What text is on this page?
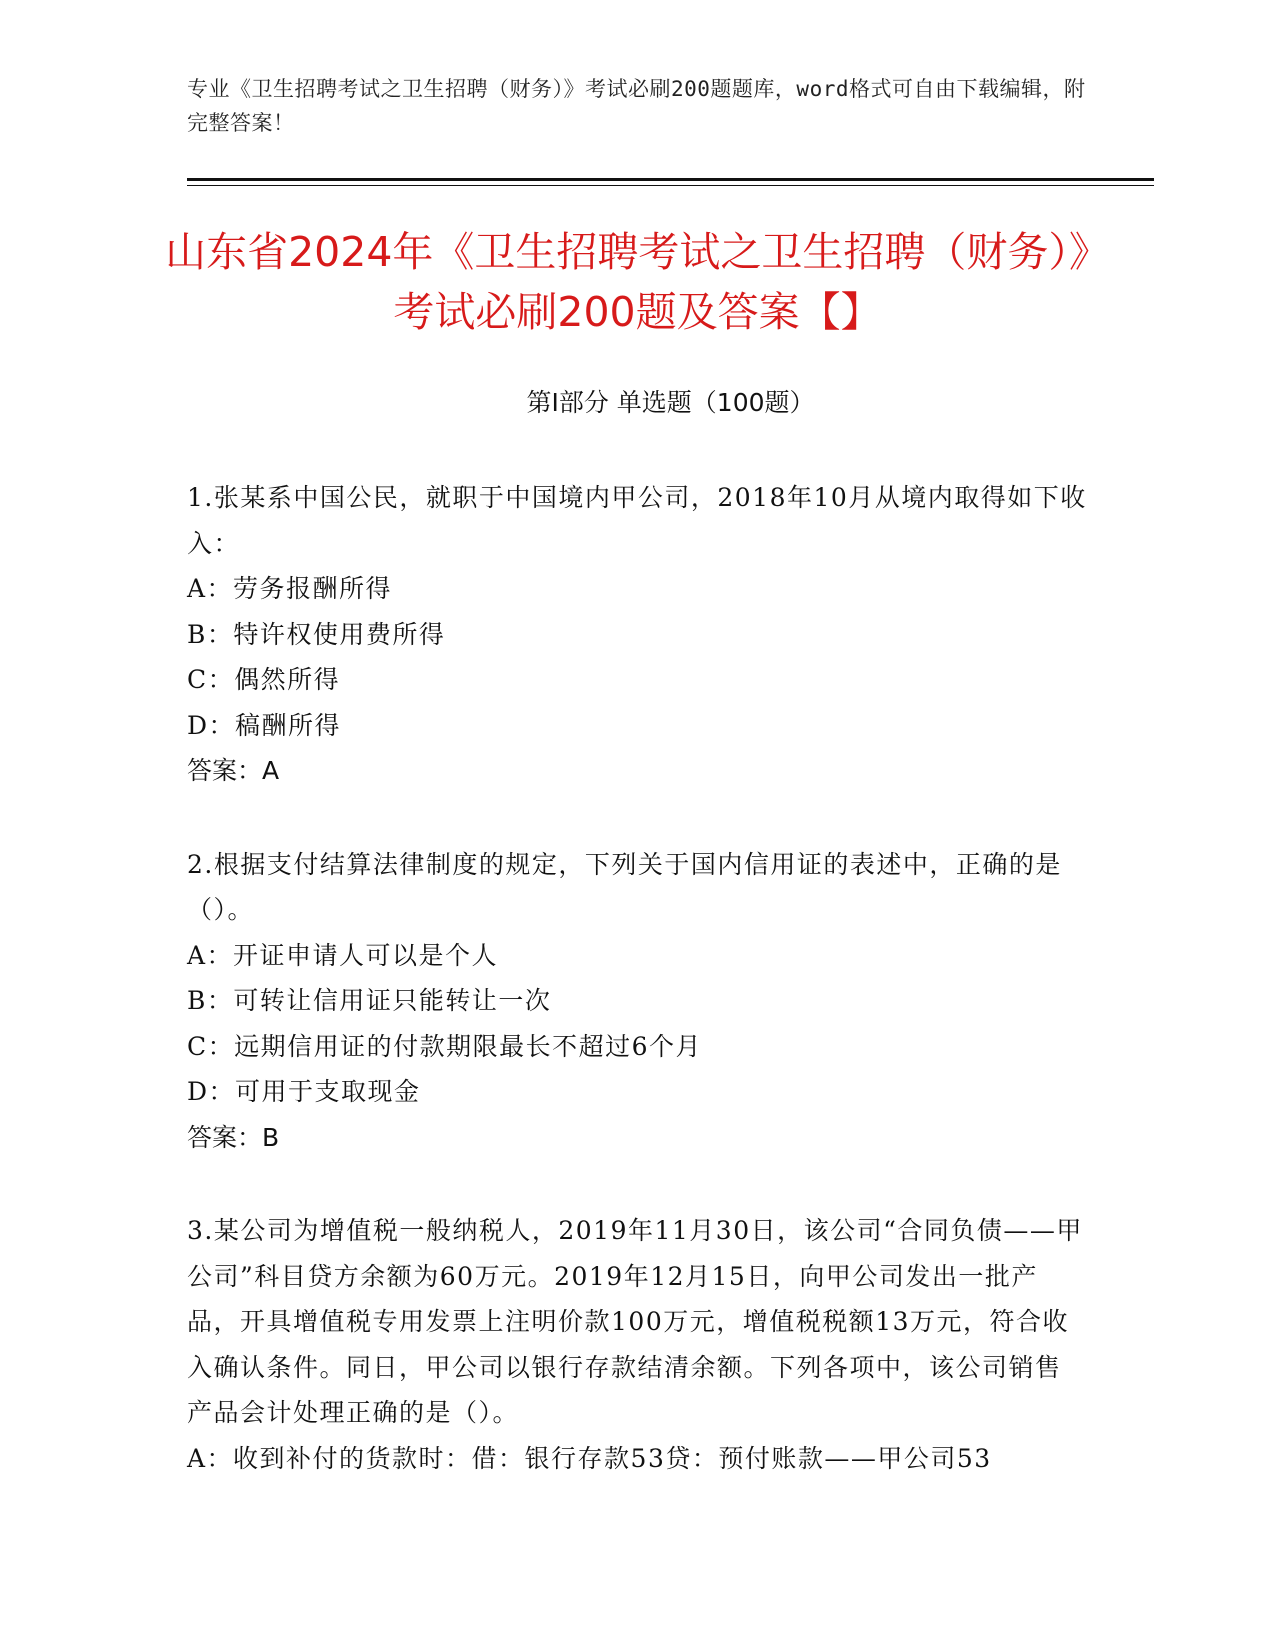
专业《卫生招聘考试之卫生招聘（财务）》考试必刷200题题库，word格式可自由下载编辑，附完整答案！
山东省2024年《卫生招聘考试之卫生招聘（财务）》考试必刷200题及答案【】
第Ⅰ部分 单选题（100题）

1.张某系中国公民，就职于中国境内甲公司，2018年10月从境内取得如下收入：

A：劳务报酬所得

B：特许权使用费所得

C：偶然所得

D：稿酬所得

答案：A

2.根据支付结算法律制度的规定，下列关于国内信用证的表述中，正确的是（）。

A：开证申请人可以是个人

B：可转让信用证只能转让一次

C：远期信用证的付款期限最长不超过6个月

D：可用于支取现金

答案：B

3.某公司为增值税一般纳税人，2019年11月30日，该公司“合同负债——甲公司”科目贷方余额为60万元。2019年12月15日，向甲公司发出一批产品，开具增值税专用发票上注明价款100万元，增值税税额13万元，符合收入确认条件。同日，甲公司以银行存款结清余额。下列各项中，该公司销售产品会计处理正确的是（）。

A：收到补付的货款时：借：银行存款53贷：预付账款——甲公司53
